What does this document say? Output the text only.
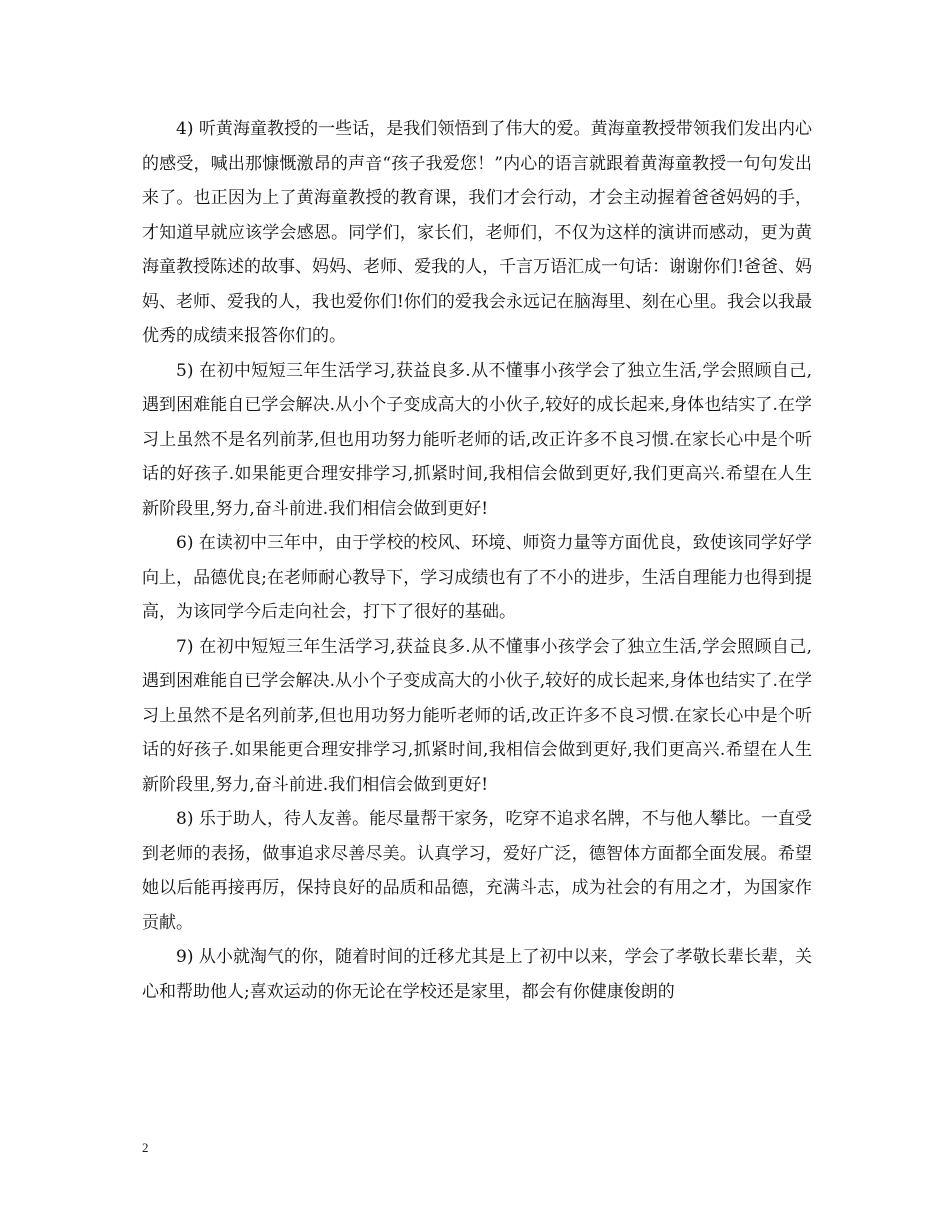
4) 听黄海童教授的一些话，是我们领悟到了伟大的爱。黄海童教授带领我们发出内心的感受，喊出那慷慨激昂的声音“孩子我爱您！”内心的语言就跟着黄海童教授一句句发出来了。也正因为上了黄海童教授的教育课，我们才会行动，才会主动握着爸爸妈妈的手，才知道早就应该学会感恩。同学们，家长们，老师们，不仅为这样的演讲而感动，更为黄海童教授陈述的故事、妈妈、老师、爱我的人，千言万语汇成一句话：谢谢你们!爸爸、妈妈、老师、爱我的人，我也爱你们!你们的爱我会永远记在脑海里、刻在心里。我会以我最优秀的成绩来报答你们的。

5) 在初中短短三年生活学习,获益良多.从不懂事小孩学会了独立生活,学会照顾自己,遇到困难能自已学会解决.从小个子变成高大的小伙子,较好的成长起来,身体也结实了.在学习上虽然不是名列前茅,但也用功努力能听老师的话,改正许多不良习惯.在家长心中是个听话的好孩子.如果能更合理安排学习,抓紧时间,我相信会做到更好,我们更高兴.希望在人生新阶段里,努力,奋斗前进.我们相信会做到更好!

6) 在读初中三年中，由于学校的校风、环境、师资力量等方面优良，致使该同学好学向上，品德优良;在老师耐心教导下，学习成绩也有了不小的进步，生活自理能力也得到提高，为该同学今后走向社会，打下了很好的基础。

7) 在初中短短三年生活学习,获益良多.从不懂事小孩学会了独立生活,学会照顾自己,遇到困难能自已学会解决.从小个子变成高大的小伙子,较好的成长起来,身体也结实了.在学习上虽然不是名列前茅,但也用功努力能听老师的话,改正许多不良习惯.在家长心中是个听话的好孩子.如果能更合理安排学习,抓紧时间,我相信会做到更好,我们更高兴.希望在人生新阶段里,努力,奋斗前进.我们相信会做到更好!

8) 乐于助人，待人友善。能尽量帮干家务，吃穿不追求名牌，不与他人攀比。一直受到老师的表扬，做事追求尽善尽美。认真学习，爱好广泛，德智体方面都全面发展。希望她以后能再接再厉，保持良好的品质和品德，充满斗志，成为社会的有用之才，为国家作贡献。

9) 从小就淘气的你，随着时间的迁移尤其是上了初中以来，学会了孝敬长辈长辈，关心和帮助他人;喜欢运动的你无论在学校还是家里，都会有你健康俊朗的

2
